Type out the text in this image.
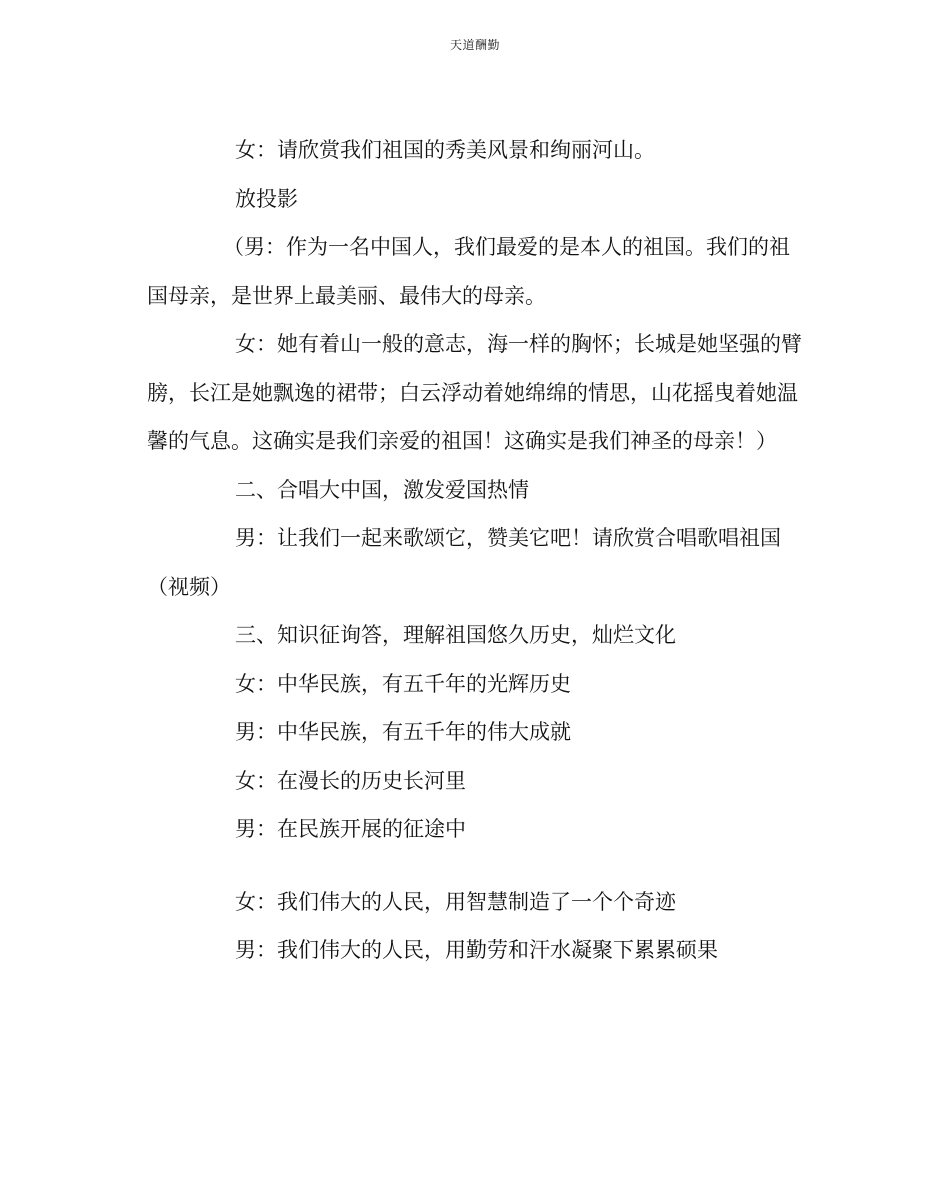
天道酬勤

女：请欣赏我们祖国的秀美风景和绚丽河山。

放投影

（男：作为一名中国人，我们最爱的是本人的祖国。我们的祖国母亲，是世界上最美丽、最伟大的母亲。

女：她有着山一般的意志，海一样的胸怀；长城是她坚强的臂膀，长江是她飘逸的裙带；白云浮动着她绵绵的情思，山花摇曳着她温馨的气息。这确实是我们亲爱的祖国！这确实是我们神圣的母亲！）

二、合唱大中国，激发爱国热情

男：让我们一起来歌颂它，赞美它吧！请欣赏合唱歌唱祖国（视频）

三、知识征询答，理解祖国悠久历史，灿烂文化

女：中华民族，有五千年的光辉历史

男：中华民族，有五千年的伟大成就

女：在漫长的历史长河里

男：在民族开展的征途中

女：我们伟大的人民，用智慧制造了一个个奇迹

男：我们伟大的人民，用勤劳和汗水凝聚下累累硕果
